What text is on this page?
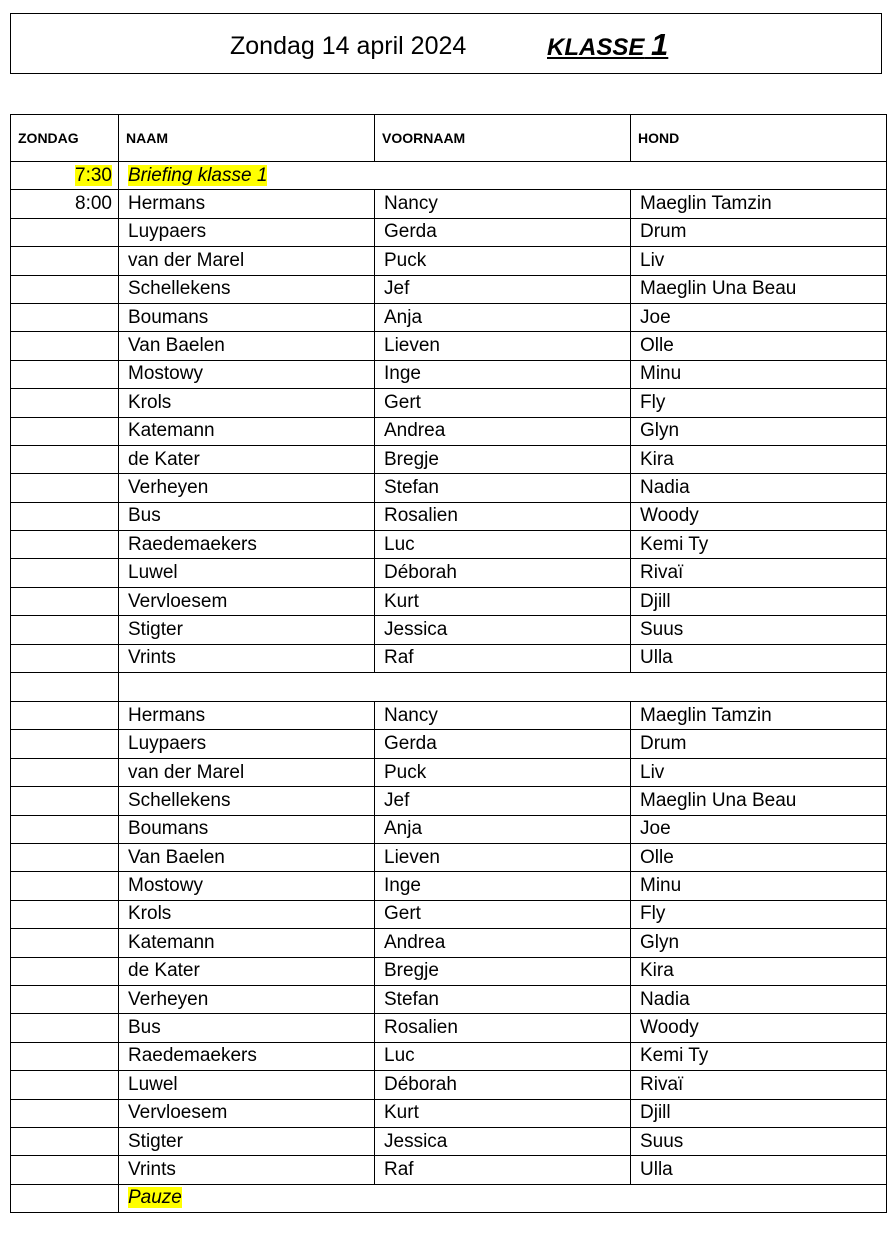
Zondag 14 april 2024	KLASSE 1
ZONDAG	NAAM	VOORNAAM	HOND
7:30	Briefing klasse 1		
8:00	Hermans	Nancy	Maeglin Tamzin
	Luypaers	Gerda	Drum
	van der Marel	Puck	Liv
	Schellekens	Jef	Maeglin Una Beau
	Boumans	Anja	Joe
	Van Baelen	Lieven	Olle
	Mostowy	Inge	Minu
	Krols	Gert	Fly
	Katemann	Andrea	Glyn
	de Kater	Bregje	Kira
	Verheyen	Stefan	Nadia
	Bus	Rosalien	Woody
	Raedemaekers	Luc	Kemi Ty
	Luwel	Déborah	Rivaï
	Vervloesem	Kurt	Djill
	Stigter	Jessica	Suus
	Vrints	Raf	Ulla

	Hermans	Nancy	Maeglin Tamzin
	Luypaers	Gerda	Drum
	van der Marel	Puck	Liv
	Schellekens	Jef	Maeglin Una Beau
	Boumans	Anja	Joe
	Van Baelen	Lieven	Olle
	Mostowy	Inge	Minu
	Krols	Gert	Fly
	Katemann	Andrea	Glyn
	de Kater	Bregje	Kira
	Verheyen	Stefan	Nadia
	Bus	Rosalien	Woody
	Raedemaekers	Luc	Kemi Ty
	Luwel	Déborah	Rivaï
	Vervloesem	Kurt	Djill
	Stigter	Jessica	Suus
	Vrints	Raf	Ulla
	Pauze		
